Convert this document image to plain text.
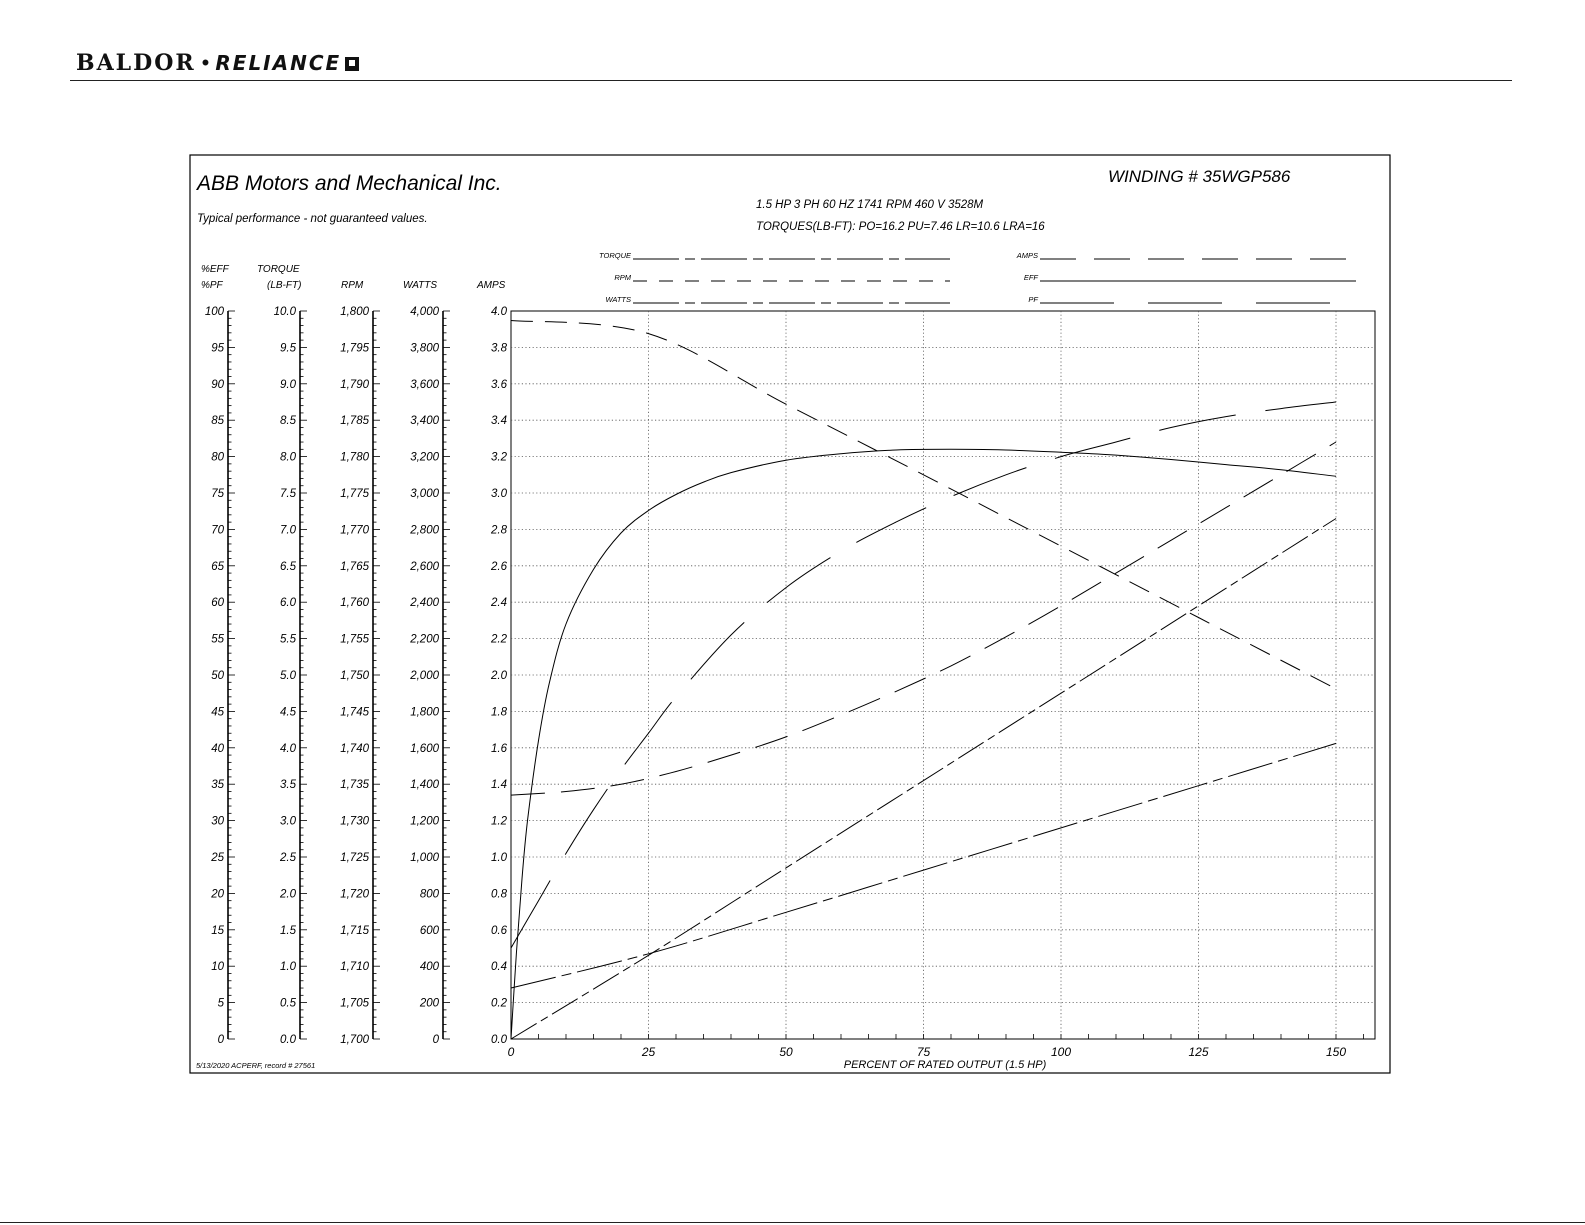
BALDOR • RELIANCE
ABB Motors and Mechanical Inc.
Typical performance - not guaranteed values.
WINDING # 35WGP586
1.5 HP 3 PH 60 HZ 1741 RPM 460 V 3528M
TORQUES(LB-FT): PO=16.2 PU=7.46 LR=10.6 LRA=16
5/13/2020 ACPERF, record # 27561	PERCENT OF RATED OUTPUT (1.5 HP)
TORQUE
RPM
WATTS
AMPS
EFF
PF
100
95
90
85
80
75
70
65
60
55
50
45
40
35
30
25
20
15
10
5
0
%EFF
%PF
10.0
9.5
9.0
8.5
8.0
7.5
7.0
6.5
6.0
5.5
5.0
4.5
4.0
3.5
3.0
2.5
2.0
1.5
1.0
0.5
0.0
TORQUE
(LB-FT)
1,800
1,795
1,790
1,785
1,780
1,775
1,770
1,765
1,760
1,755
1,750
1,745
1,740
1,735
1,730
1,725
1,720
1,715
1,710
1,705
1,700
RPM
4,000
3,800
3,600
3,400
3,200
3,000
2,800
2,600
2,400
2,200
2,000
1,800
1,600
1,400
1,200
1,000
800
600
400
200
0
WATTS
4.0
3.8
3.6
3.4
3.2
3.0
2.8
2.6
2.4
2.2
2.0
1.8
1.6
1.4
1.2
1.0
0.8
0.6
0.4
0.2
0.0
AMPS
0	25	50	75	100	125	150
